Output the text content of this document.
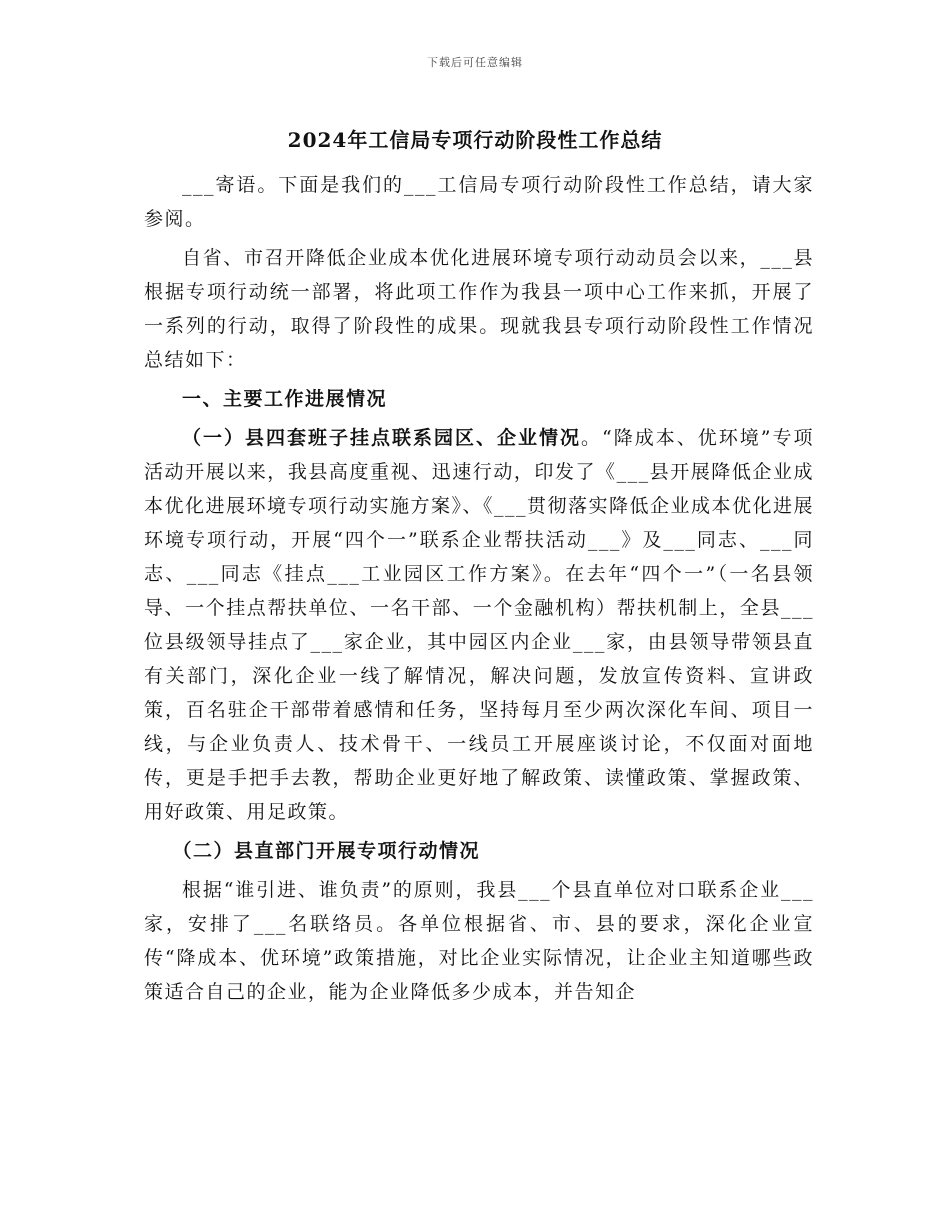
下载后可任意编辑
2024年工信局专项行动阶段性工作总结

___寄语。下面是我们的___工信局专项行动阶段性工作总结，请大家参阅。

自省、市召开降低企业成本优化进展环境专项行动动员会以来，___县根据专项行动统一部署，将此项工作作为我县一项中心工作来抓，开展了一系列的行动，取得了阶段性的成果。现就我县专项行动阶段性工作情况总结如下：

一、主要工作进展情况

（一）县四套班子挂点联系园区、企业情况。“降成本、优环境”专项活动开展以来，我县高度重视、迅速行动，印发了《___县开展降低企业成本优化进展环境专项行动实施方案》、《___贯彻落实降低企业成本优化进展环境专项行动，开展“四个一”联系企业帮扶活动___》及___同志、___同志、___同志《挂点___工业园区工作方案》。在去年“四个一”（一名县领导、一个挂点帮扶单位、一名干部、一个金融机构）帮扶机制上，全县___位县级领导挂点了___家企业，其中园区内企业___家，由县领导带领县直有关部门，深化企业一线了解情况，解决问题，发放宣传资料、宣讲政策，百名驻企干部带着感情和任务，坚持每月至少两次深化车间、项目一线，与企业负责人、技术骨干、一线员工开展座谈讨论，不仅面对面地传，更是手把手去教，帮助企业更好地了解政策、读懂政策、掌握政策、用好政策、用足政策。

（二）县直部门开展专项行动情况

根据“谁引进、谁负责”的原则，我县___个县直单位对口联系企业___家，安排了___名联络员。各单位根据省、市、县的要求，深化企业宣传“降成本、优环境”政策措施，对比企业实际情况，让企业主知道哪些政策适合自己的企业，能为企业降低多少成本，并告知企
